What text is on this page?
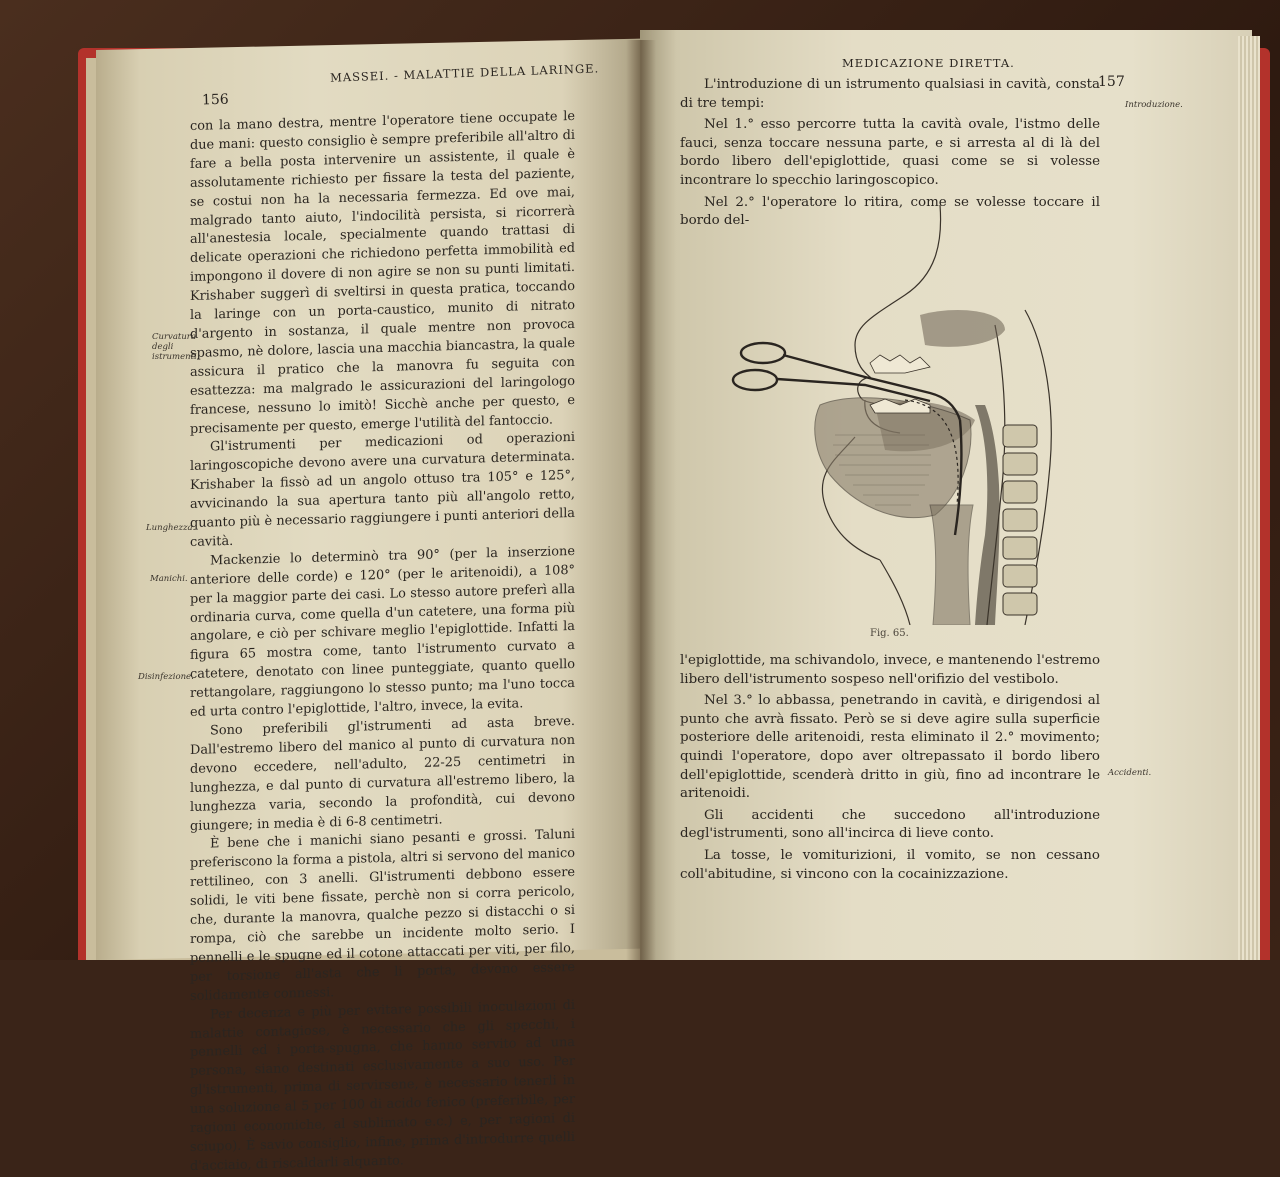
156
MASSEI. - MALATTIE DELLA LARINGE.
Curvatura degli istrumenti.
Lunghezza.
Manichi.
Disinfezione.

con la mano destra, mentre l'operatore tiene occupate le due mani: questo consiglio è sempre preferibile all'altro di fare a bella posta intervenire un assistente, il quale è assolutamente richiesto per fissare la testa del paziente, se costui non ha la necessaria fermezza. Ed ove mai, malgrado tanto aiuto, l'indocilità persista, si ricorrerà all'anestesia locale, specialmente quando trattasi di delicate operazioni che richiedono perfetta immobilità ed impongono il dovere di non agire se non su punti limitati. Krishaber suggerì di sveltirsi in questa pratica, toccando la laringe con un porta-caustico, munito di nitrato d'argento in sostanza, il quale mentre non provoca spasmo, nè dolore, lascia una macchia biancastra, la quale assicura il pratico che la manovra fu seguita con esattezza: ma malgrado le assicurazioni del laringologo francese, nessuno lo imitò! Sicchè anche per questo, e precisamente per questo, emerge l'utilità del fantoccio.

Gl'istrumenti per medicazioni od operazioni laringoscopiche devono avere una curvatura determinata. Krishaber la fissò ad un angolo ottuso tra 105° e 125°, avvicinando la sua apertura tanto più all'angolo retto, quanto più è necessario raggiungere i punti anteriori della cavità.

Mackenzie lo determinò tra 90° (per la inserzione anteriore delle corde) e 120° (per le aritenoidi), a 108° per la maggior parte dei casi. Lo stesso autore preferì alla ordinaria curva, come quella d'un catetere, una forma più angolare, e ciò per schivare meglio l'epiglottide. Infatti la figura 65 mostra come, tanto l'istrumento curvato a catetere, denotato con linee punteggiate, quanto quello rettangolare, raggiungono lo stesso punto; ma l'uno tocca ed urta contro l'epiglottide, l'altro, invece, la evita.

Sono preferibili gl'istrumenti ad asta breve. Dall'estremo libero del manico al punto di curvatura non devono eccedere, nell'adulto, 22-25 centimetri in lunghezza, e dal punto di curvatura all'estremo libero, la lunghezza varia, secondo la profondità, cui devono giungere; in media è di 6-8 centimetri.

È bene che i manichi siano pesanti e grossi. Taluni preferiscono la forma a pistola, altri si servono del manico rettilineo, con 3 anelli. Gl'istrumenti debbono essere solidi, le viti bene fissate, perchè non si corra pericolo, che, durante la manovra, qualche pezzo si distacchi o si rompa, ciò che sarebbe un incidente molto serio. I pennelli e le spugne ed il cotone attaccati per viti, per filo, per torsione all'asta che li porta, devono essere solidamente connessi.

Per decenza e più per evitare possibili inoculazioni di malattie contagiose, è necessario che gli specchi, i pennelli ed i porta-spugna, che hanno servito ad una persona, siano destinati esclusivamente a suo uso. Per gl'istrumenti, prima di servirsene, è necessario tenerli in una soluzione al 5 per 100 di acido fenico (preferibile, per ragioni economiche, al sublimato e.c.) e, per ragioni di sciupo). È savio consiglio, infine, prima d'introdurre quelli d'acciaio, di riscaldarli alquanto.

MEDICAZIONE DIRETTA.
157
Introduzione.
Accidenti.

L'introduzione di un istrumento qualsiasi in cavità, consta di tre tempi:

Nel 1.° esso percorre tutta la cavità ovale, l'istmo delle fauci, senza toccare nessuna parte, e si arresta al di là del bordo libero dell'epiglottide, quasi come se si volesse incontrare lo specchio laringoscopico.

Nel 2.° l'operatore lo ritira, come se volesse toccare il bordo del-

Fig. 65.

l'epiglottide, ma schivandolo, invece, e mantenendo l'estremo libero dell'istrumento sospeso nell'orifizio del vestibolo.

Nel 3.° lo abbassa, penetrando in cavità, e dirigendosi al punto che avrà fissato. Però se si deve agire sulla superficie posteriore delle aritenoidi, resta eliminato il 2.° movimento; quindi l'operatore, dopo aver oltrepassato il bordo libero dell'epiglottide, scenderà dritto in giù, fino ad incontrare le aritenoidi.

Gli accidenti che succedono all'introduzione degl'istrumenti, sono all'incirca di lieve conto.

La tosse, le vomiturizioni, il vomito, se non cessano coll'abitudine, si vincono con la cocainizzazione.
